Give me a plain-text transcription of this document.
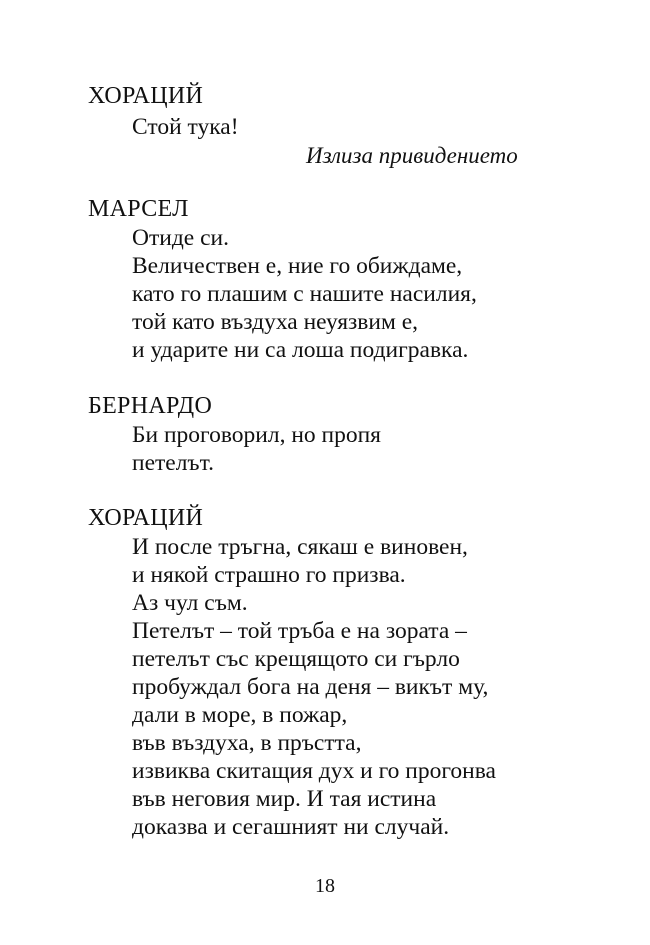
ХОРАЦИЙ
Стой тука!
Излиза привидението
МАРСЕЛ
Отиде си.
Величествен е, ние го обиждаме,
като го плашим с нашите насилия,
той като въздуха неуязвим е,
и ударите ни са лоша подигравка.
БЕРНАРДО
Би проговорил, но пропя
петелът.
ХОРАЦИЙ
И после тръгна, сякаш е виновен,
и някой страшно го призва.
Аз чул съм.
Петелът – той тръба е на зората –
петелът със крещящото си гърло
пробуждал бога на деня – викът му,
дали в море, в пожар,
във въздуха, в пръстта,
извиква скитащия дух и го прогонва
във неговия мир. И тая истина
доказва и сегашният ни случай.
18
